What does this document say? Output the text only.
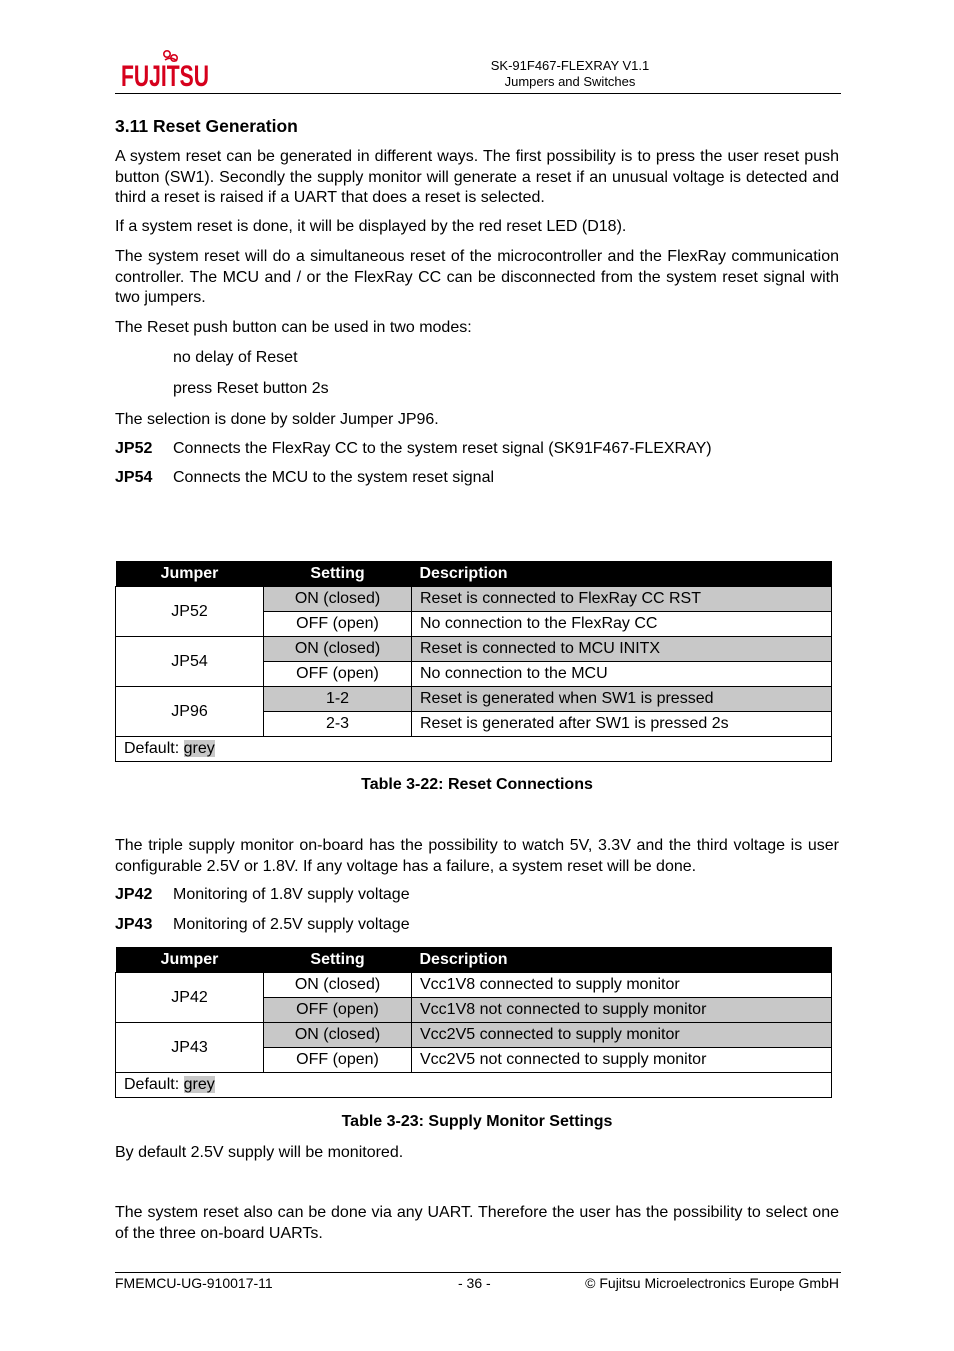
FUJITSU	SK-91F467-FLEXRAY V1.1
Jumpers and Switches
3.11 Reset Generation
A system reset can be generated in different ways. The first possibility is to press the user reset push button (SW1). Secondly the supply monitor will generate a reset if an unusual voltage is detected and third a reset is raised if a UART that does a reset is selected.
If a system reset is done, it will be displayed by the red reset LED (D18).
The system reset will do a simultaneous reset of the microcontroller and the FlexRay communication controller. The MCU and / or the FlexRay CC can be disconnected from the system reset signal with two jumpers.
The Reset push button can be used in two modes:
no delay of Reset
press Reset button 2s
The selection is done by solder Jumper JP96.
JP52 Connects the FlexRay CC to the system reset signal (SK91F467-FLEXRAY)
JP54 Connects the MCU to the system reset signal
Jumper	Setting	Description
JP52	ON (closed)	Reset is connected to FlexRay CC RST
	OFF (open)	No connection to the FlexRay CC
JP54	ON (closed)	Reset is connected to MCU INITX
	OFF (open)	No connection to the MCU
JP96	1-2	Reset is generated when SW1 is pressed
	2-3	Reset is generated after SW1 is pressed 2s
Default: grey		
Table 3-22: Reset Connections
The triple supply monitor on-board has the possibility to watch 5V, 3.3V and the third voltage is user configurable 2.5V or 1.8V. If any voltage has a failure, a system reset will be done.
JP42 Monitoring of 1.8V supply voltage
JP43 Monitoring of 2.5V supply voltage
Jumper	Setting	Description
JP42	ON (closed)	Vcc1V8 connected to supply monitor
	OFF (open)	Vcc1V8 not connected to supply monitor
JP43	ON (closed)	Vcc2V5 connected to supply monitor
	OFF (open)	Vcc2V5 not connected to supply monitor
Default: grey		
Table 3-23: Supply Monitor Settings
By default 2.5V supply will be monitored.
The system reset also can be done via any UART. Therefore the user has the possibility to select one of the three on-board UARTs.
FMEMCU-UG-910017-11	- 36 -	© Fujitsu Microelectronics Europe GmbH
